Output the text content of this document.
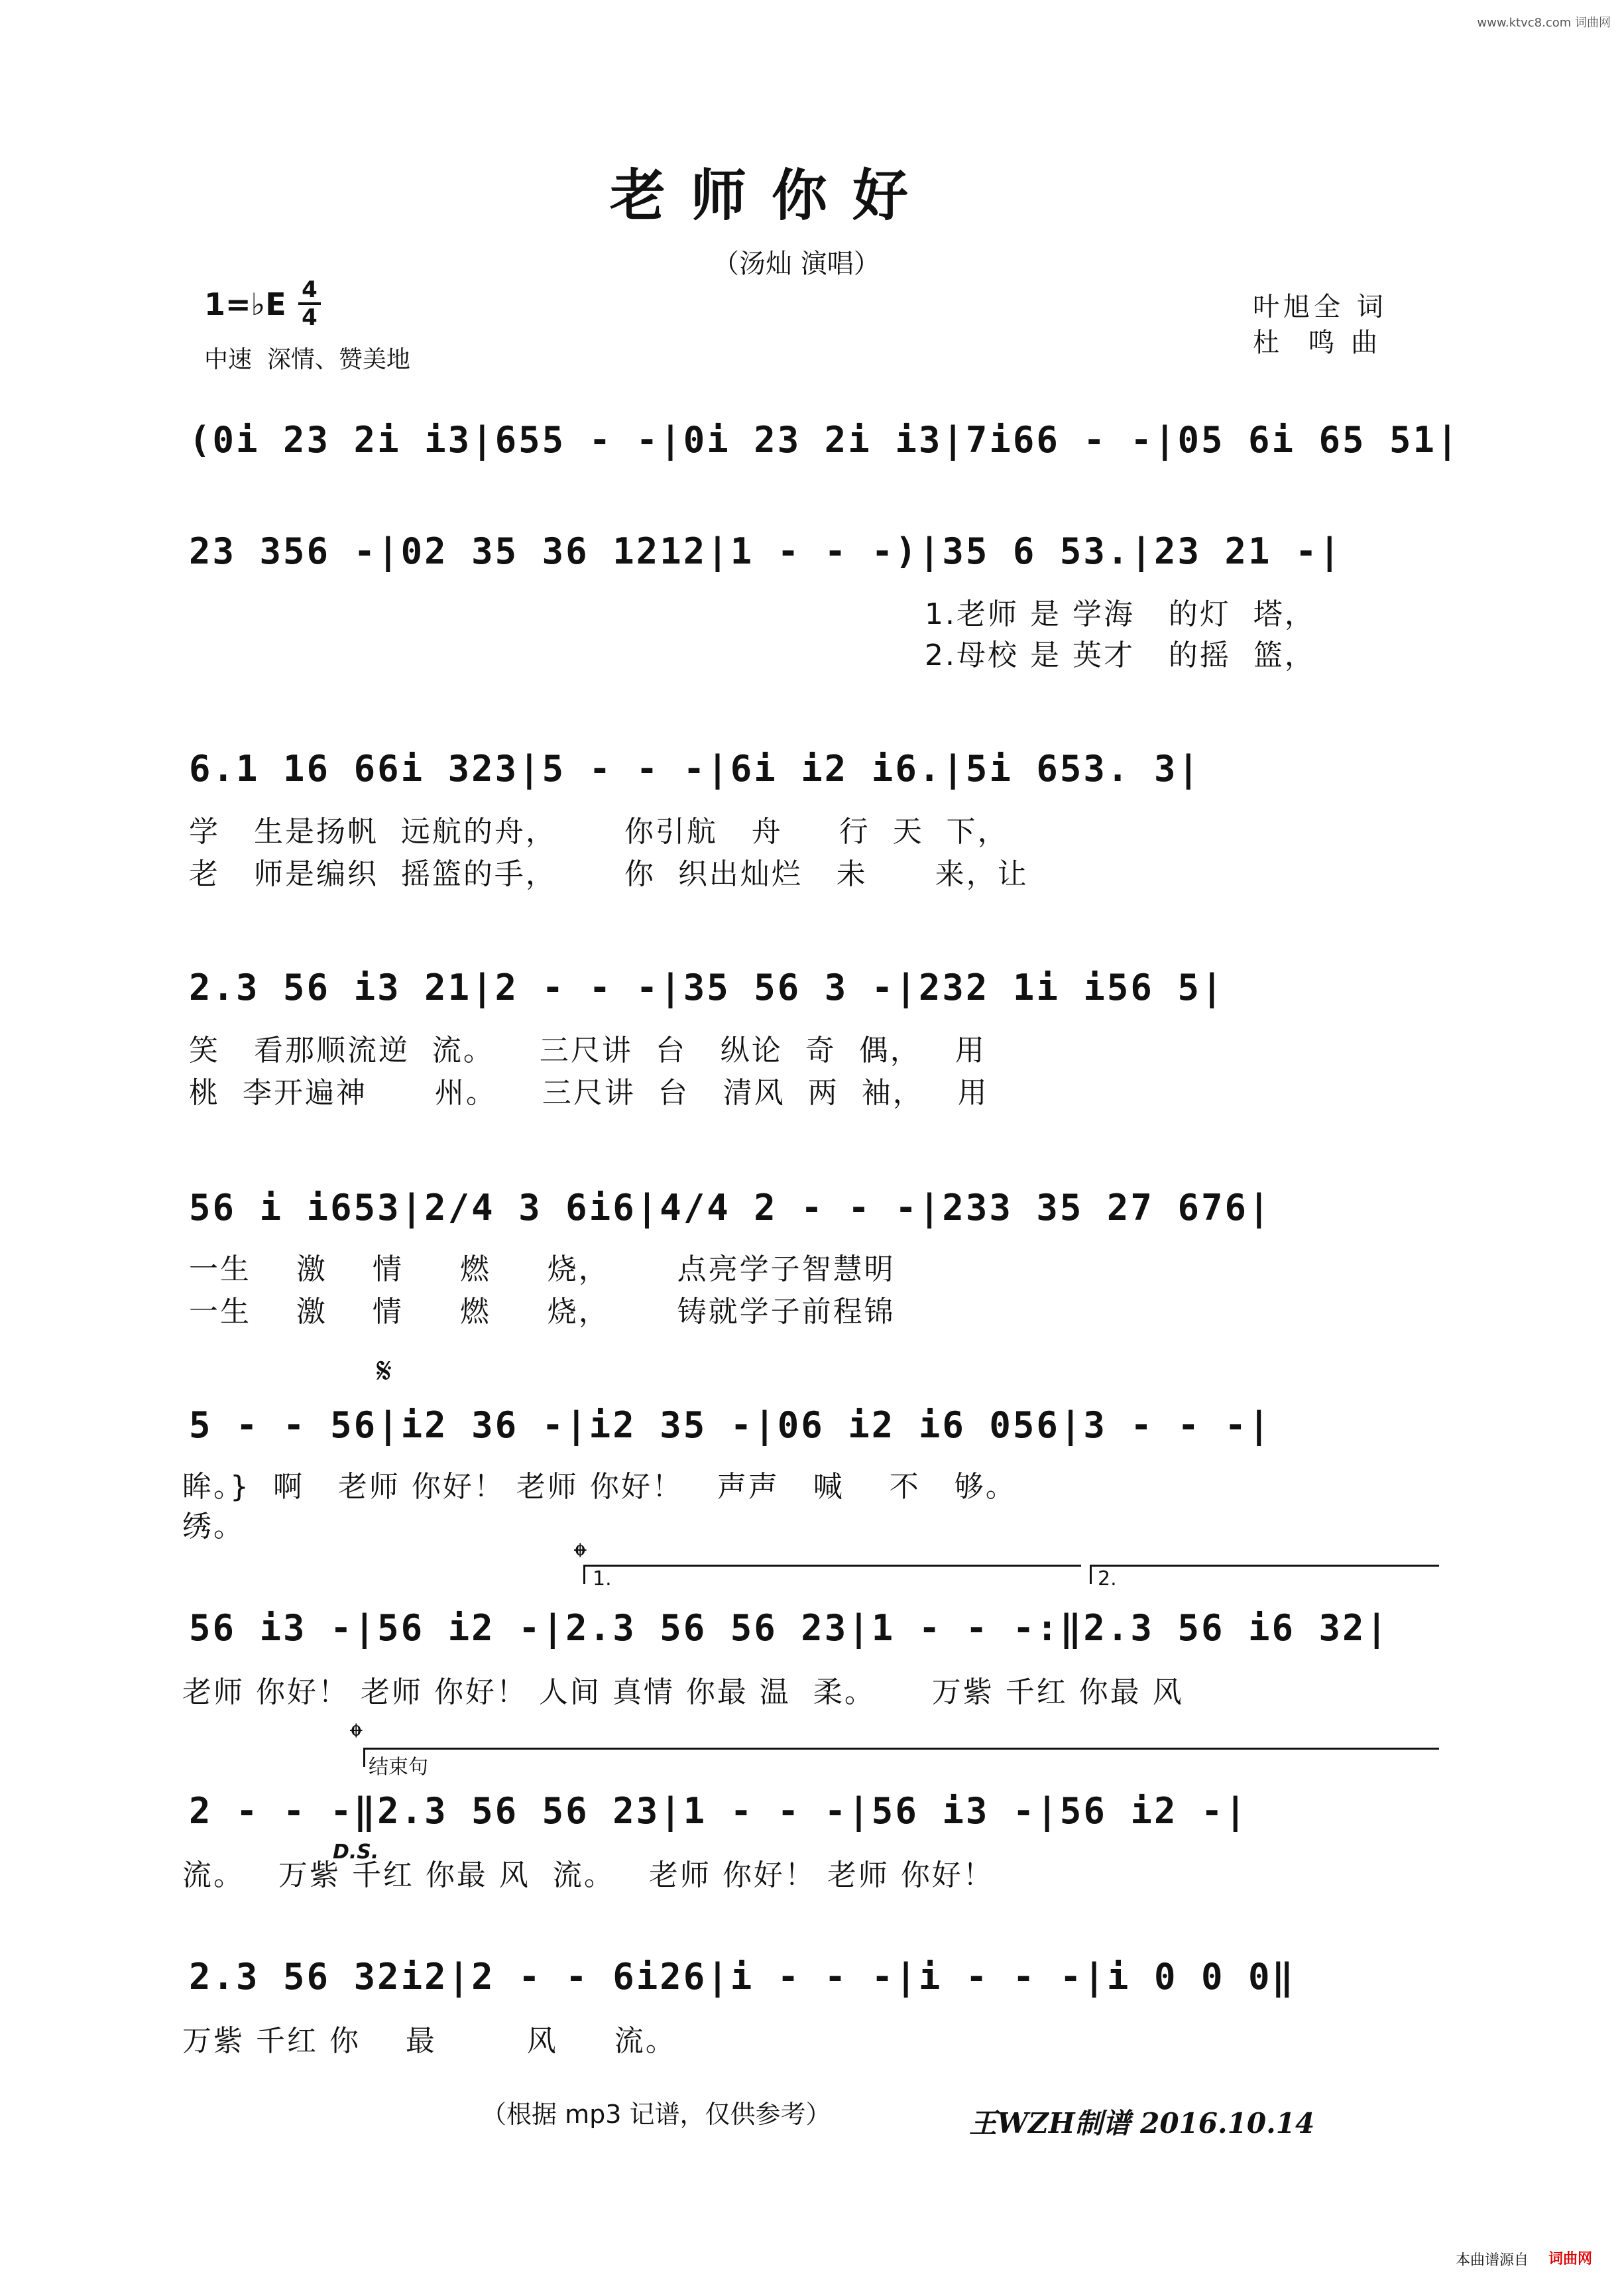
www.ktvc8.com 词曲网
老师你好
（汤灿 演唱）
1=♭E 4
4
中速  深情、赞美地
叶旭全 词
杜  鸣 曲
(0i 23 2i i3|655 - -|0i 23 2i i3|7i66 - -|05 6i 65 51|
23 356 -|02 35 36 1212|1 - - -)|35 6 53.|23 21 -|
1.老师 是 学海   的灯  塔，
2.母校 是 英才   的摇  篮，
6.1 16 66i 323|5 - - -|6i i2 i6.|5i 653. 3|
学   生是扬帆  远航的舟，      你引航   舟     行  天  下，
老   师是编织  摇篮的手，      你  织出灿烂   未      来，让
2.3 56 i3 21|2 - - -|35 56 3 -|232 1i i56 5|
笑   看那顺流逆  流。    三尺讲  台   纵论  奇  偶，   用
桃  李开遍神      州。    三尺讲  台   清风  两  袖，   用
56 i i653|2/4 3 6i6|4/4 2 - - -|233 35 27 676|
一生    激    情     燃     烧，      点亮学子智慧明
一生    激    情     燃     烧，      铸就学子前程锦
𝄋
5 - - 56|i2 36 -|i2 35 -|06 i2 i6 056|3 - - -|
眸。}  啊   老师 你好！ 老师 你好！   声声   喊    不   够。
绣。
𝄌
1.	2.
56 i3 -|56 i2 -|2.3 56 56 23|1 - - -:‖2.3 56 i6 32|
老师 你好！ 老师 你好！ 人间 真情 你最 温  柔。     万紫 千红 你最 风
𝄌
结束句
2 - - -‖2.3 56 56 23|1 - - -|56 i3 -|56 i2 -|
D.S.
流。   万紫 千红 你最 风  流。   老师 你好！ 老师 你好！
2.3 56 32i2|2 - - 6i26|i - - -|i - - -|i 0 0 0‖
万紫 千红 你    最        风     流。
（根据 mp3 记谱，仅供参考）	王WZH制谱 2016.10.14
本曲谱源自 词曲网
